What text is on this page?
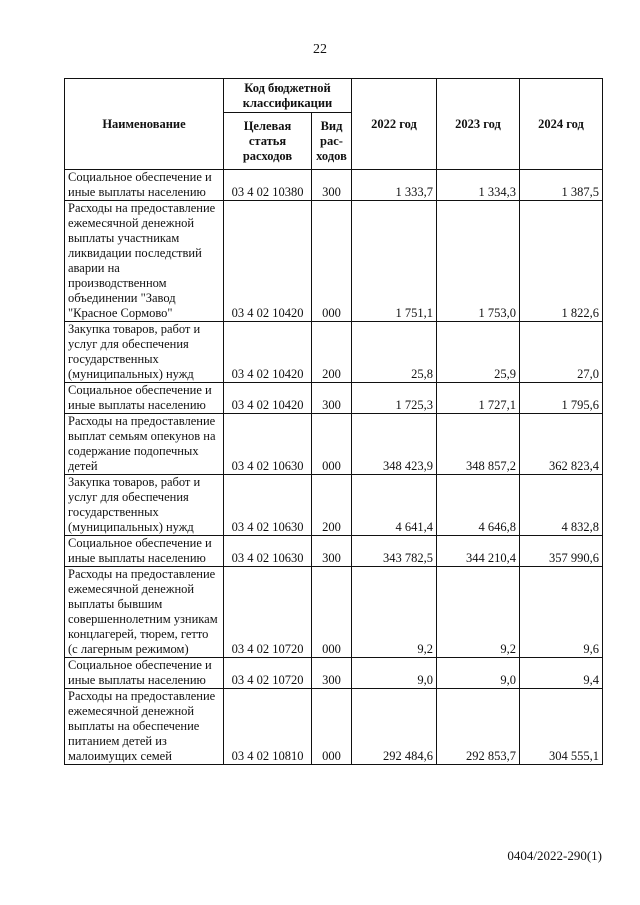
22
Наименование	Код бюджетной классификации		2022 год	2023 год	2024 год
	Целевая статья расходов	Вид рас- ходов			
Социальное обеспечение и иные выплаты населению	03 4 02 10380	300	1 333,7	1 334,3	1 387,5
Расходы на предоставление ежемесячной денежной выплаты участникам ликвидации последствий аварии на производственном объединении "Завод "Красное Сормово"	03 4 02 10420	000	1 751,1	1 753,0	1 822,6
Закупка товаров, работ и услуг для обеспечения государственных (муниципальных) нужд	03 4 02 10420	200	25,8	25,9	27,0
Социальное обеспечение и иные выплаты населению	03 4 02 10420	300	1 725,3	1 727,1	1 795,6
Расходы на предоставление выплат семьям опекунов на содержание подопечных детей	03 4 02 10630	000	348 423,9	348 857,2	362 823,4
Закупка товаров, работ и услуг для обеспечения государственных (муниципальных) нужд	03 4 02 10630	200	4 641,4	4 646,8	4 832,8
Социальное обеспечение и иные выплаты населению	03 4 02 10630	300	343 782,5	344 210,4	357 990,6
Расходы на предоставление ежемесячной денежной выплаты бывшим совершеннолетним узникам концлагерей, тюрем, гетто (с лагерным режимом)	03 4 02 10720	000	9,2	9,2	9,6
Социальное обеспечение и иные выплаты населению	03 4 02 10720	300	9,0	9,0	9,4
Расходы на предоставление ежемесячной денежной выплаты на обеспечение питанием детей из малоимущих семей	03 4 02 10810	000	292 484,6	292 853,7	304 555,1
0404/2022-290(1)
